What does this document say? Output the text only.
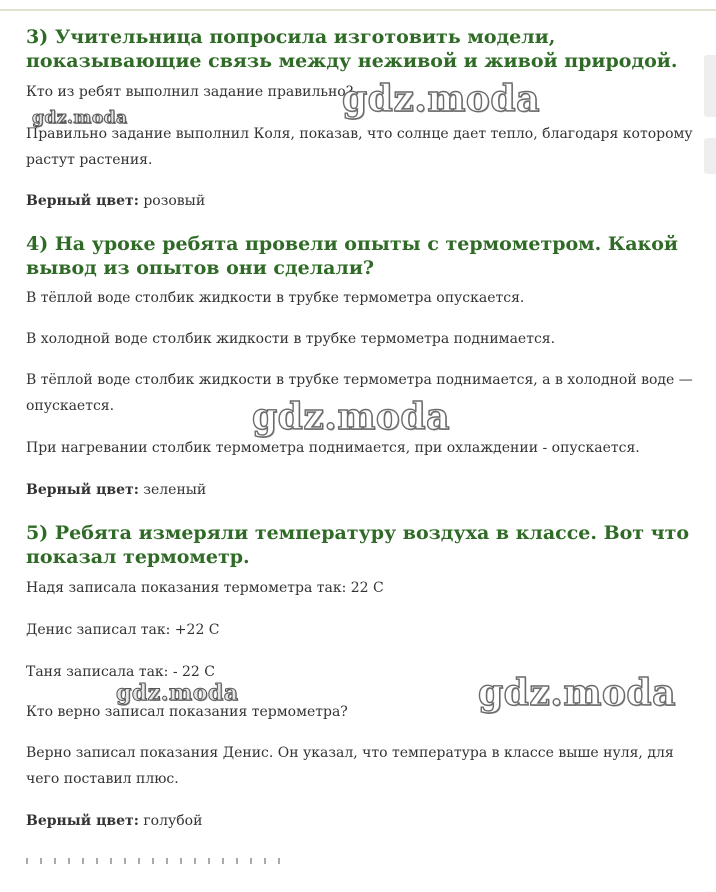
3) Учительница попросила изготовить модели, показывающие связь между неживой и живой природой.

Кто из ребят выполнил задание правильно?

Правильно задание выполнил Коля, показав, что солнце дает тепло, благодаря которому растут растения.

Верный цвет: розовый

4) На уроке ребята провели опыты с термометром. Какой вывод из опытов они сделали?

В тёплой воде столбик жидкости в трубке термометра опускается.

В холодной воде столбик жидкости в трубке термометра поднимается.

В тёплой воде столбик жидкости в трубке термометра поднимается, а в холодной воде — опускается.

При нагревании столбик термометра поднимается, при охлаждении - опускается.

Верный цвет: зеленый

5) Ребята измеряли температуру воздуха в классе. Вот что показал термометр.

Надя записала показания термометра так: 22 С

Денис записал так: +22 С

Таня записала так: - 22 С

Кто верно записал показания термометра?

Верно записал показания Денис. Он указал, что температура в классе выше нуля, для чего поставил плюс.

Верный цвет: голубой

gdz.moda
gdz.moda
gdz.moda
gdz.moda	gdz.moda
